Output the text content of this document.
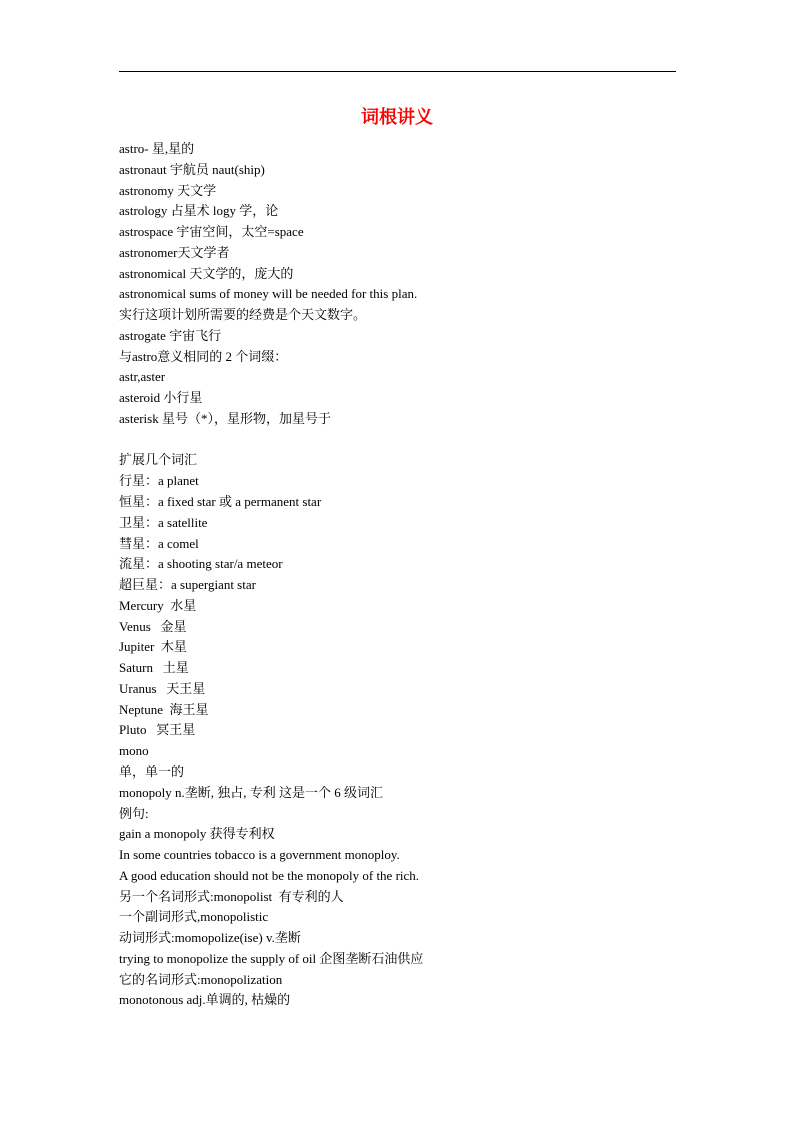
词根讲义
astro- 星,星的
astronaut 宇航员 naut(ship)
astronomy 天文学
astrology 占星术 logy 学，论
astrospace 宇宙空间，太空=space
astronomer天文学者
astronomical 天文学的，庞大的
astronomical sums of money will be needed for this plan.
实行这项计划所需要的经费是个天文数字。
astrogate 宇宙飞行
与astro意义相同的 2 个词缀：
astr,aster
asteroid 小行星
asterisk 星号（*），星形物，加星号于
扩展几个词汇
行星：a planet
恒星：a fixed star 或 a permanent star
卫星：a satellite
彗星：a comel
流星：a shooting star/a meteor
超巨星：a supergiant star
Mercury  水星
Venus   金星
Jupiter  木星
Saturn   土星
Uranus   天王星
Neptune  海王星
Pluto   冥王星
mono
单，单一的
monopoly n.垄断, 独占, 专利 这是一个 6 级词汇
例句:
gain a monopoly 获得专利权
In some countries tobacco is a government monoploy.
A good education should not be the monopoly of the rich.
另一个名词形式:monopolist  有专利的人
一个副词形式,monopolistic
动词形式:momopolize(ise) v.垄断
trying to monopolize the supply of oil 企图垄断石油供应
它的名词形式:monopolization
monotonous adj.单调的, 枯燥的
